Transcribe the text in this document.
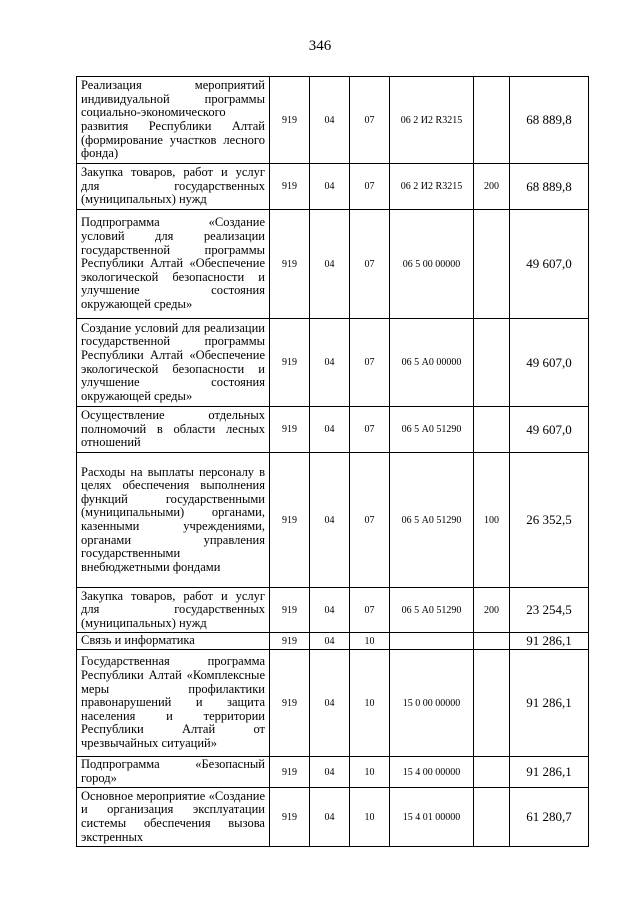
346
Реализация мероприятий индивидуальной программы социально-экономического развития Республики Алтай (формирование участков лесного фонда)	919	04	07	06 2 И2 R3215		68 889,8
Закупка товаров, работ и услуг для государственных (муниципальных) нужд	919	04	07	06 2 И2 R3215	200	68 889,8
Подпрограмма «Создание условий для реализации государственной программы Республики Алтай «Обеспечение экологической безопасности и улучшение состояния окружающей среды»	919	04	07	06 5 00 00000		49 607,0
Создание условий для реализации государственной программы Республики Алтай «Обеспечение экологической безопасности и улучшение состояния окружающей среды»	919	04	07	06 5 А0 00000		49 607,0
Осуществление отдельных полномочий в области лесных отношений	919	04	07	06 5 А0 51290		49 607,0
Расходы на выплаты персоналу в целях обеспечения выполнения функций государственными (муниципальными) органами, казенными учреждениями, органами управления государственными внебюджетными фондами	919	04	07	06 5 А0 51290	100	26 352,5
Закупка товаров, работ и услуг для государственных (муниципальных) нужд	919	04	07	06 5 А0 51290	200	23 254,5
Связь и информатика	919	04	10			91 286,1
Государственная программа Республики Алтай «Комплексные меры профилактики правонарушений и защита населения и территории Республики Алтай от чрезвычайных ситуаций»	919	04	10	15 0 00 00000		91 286,1
Подпрограмма «Безопасный город»	919	04	10	15 4 00 00000		91 286,1
Основное мероприятие «Создание и организация эксплуатации системы обеспечения вызова экстренных	919	04	10	15 4 01 00000		61 280,7
